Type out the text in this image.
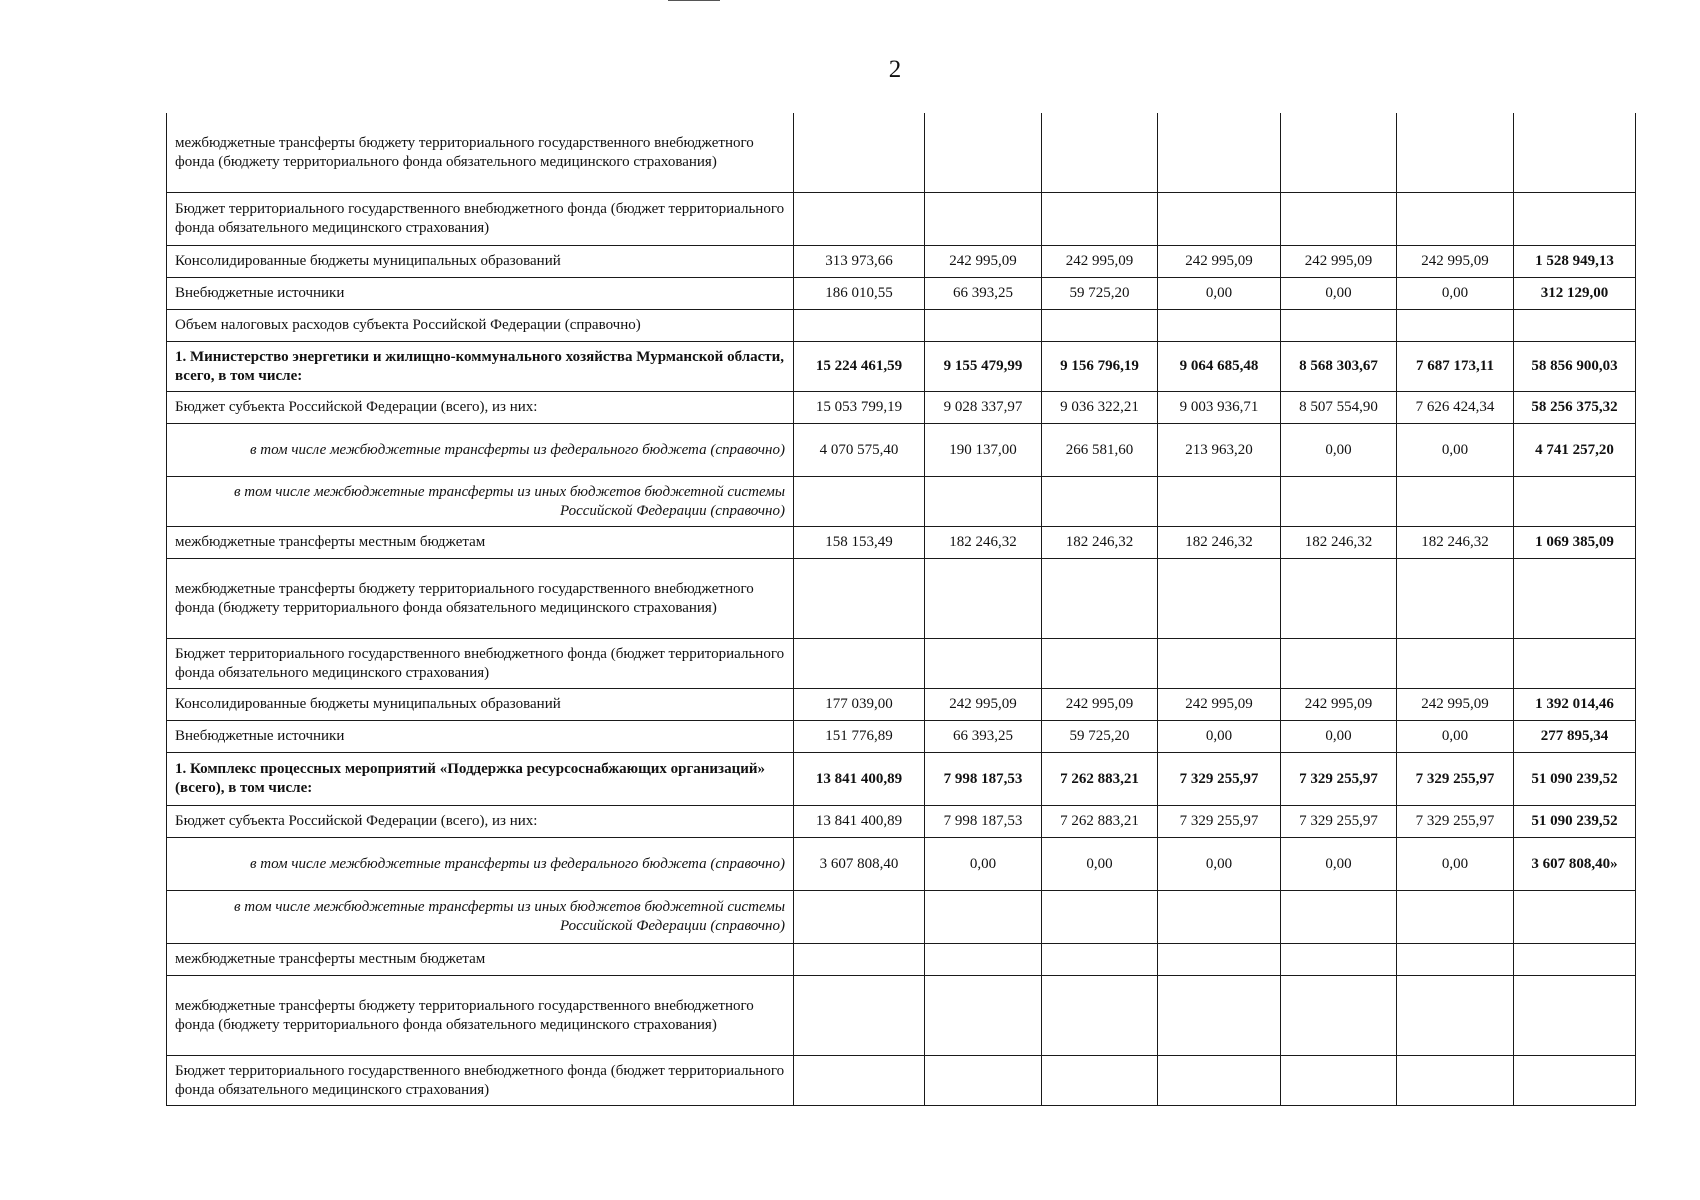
2
межбюджетные трансферты бюджету территориального государственного внебюджетного фонда (бюджету территориального фонда обязательного медицинского страхования)							
Бюджет территориального государственного внебюджетного фонда (бюджет территориального фонда обязательного медицинского страхования)							
Консолидированные бюджеты муниципальных образований	313 973,66	242 995,09	242 995,09	242 995,09	242 995,09	242 995,09	1 528 949,13
Внебюджетные источники	186 010,55	66 393,25	59 725,20	0,00	0,00	0,00	312 129,00
Объем налоговых расходов субъекта Российской Федерации (справочно)							
1. Министерство энергетики и жилищно-коммунального хозяйства Мурманской области, всего, в том числе:	15 224 461,59	9 155 479,99	9 156 796,19	9 064 685,48	8 568 303,67	7 687 173,11	58 856 900,03
Бюджет субъекта Российской Федерации (всего), из них:	15 053 799,19	9 028 337,97	9 036 322,21	9 003 936,71	8 507 554,90	7 626 424,34	58 256 375,32
в том числе межбюджетные трансферты из федерального бюджета (справочно)	4 070 575,40	190 137,00	266 581,60	213 963,20	0,00	0,00	4 741 257,20
в том числе межбюджетные трансферты из иных бюджетов бюджетной системы Российской Федерации (справочно)							
межбюджетные трансферты местным бюджетам	158 153,49	182 246,32	182 246,32	182 246,32	182 246,32	182 246,32	1 069 385,09
межбюджетные трансферты бюджету территориального государственного внебюджетного фонда (бюджету территориального фонда обязательного медицинского страхования)							
Бюджет территориального государственного внебюджетного фонда (бюджет территориального фонда обязательного медицинского страхования)							
Консолидированные бюджеты муниципальных образований	177 039,00	242 995,09	242 995,09	242 995,09	242 995,09	242 995,09	1 392 014,46
Внебюджетные источники	151 776,89	66 393,25	59 725,20	0,00	0,00	0,00	277 895,34
1. Комплекс процессных мероприятий «Поддержка ресурсоснабжающих организаций» (всего), в том числе:	13 841 400,89	7 998 187,53	7 262 883,21	7 329 255,97	7 329 255,97	7 329 255,97	51 090 239,52
Бюджет субъекта Российской Федерации (всего), из них:	13 841 400,89	7 998 187,53	7 262 883,21	7 329 255,97	7 329 255,97	7 329 255,97	51 090 239,52
в том числе межбюджетные трансферты из федерального бюджета (справочно)	3 607 808,40	0,00	0,00	0,00	0,00	0,00	3 607 808,40»
в том числе межбюджетные трансферты из иных бюджетов бюджетной системы Российской Федерации (справочно)							
межбюджетные трансферты местным бюджетам							
межбюджетные трансферты бюджету территориального государственного внебюджетного фонда (бюджету территориального фонда обязательного медицинского страхования)							
Бюджет территориального государственного внебюджетного фонда (бюджет территориального фонда обязательного медицинского страхования)							
